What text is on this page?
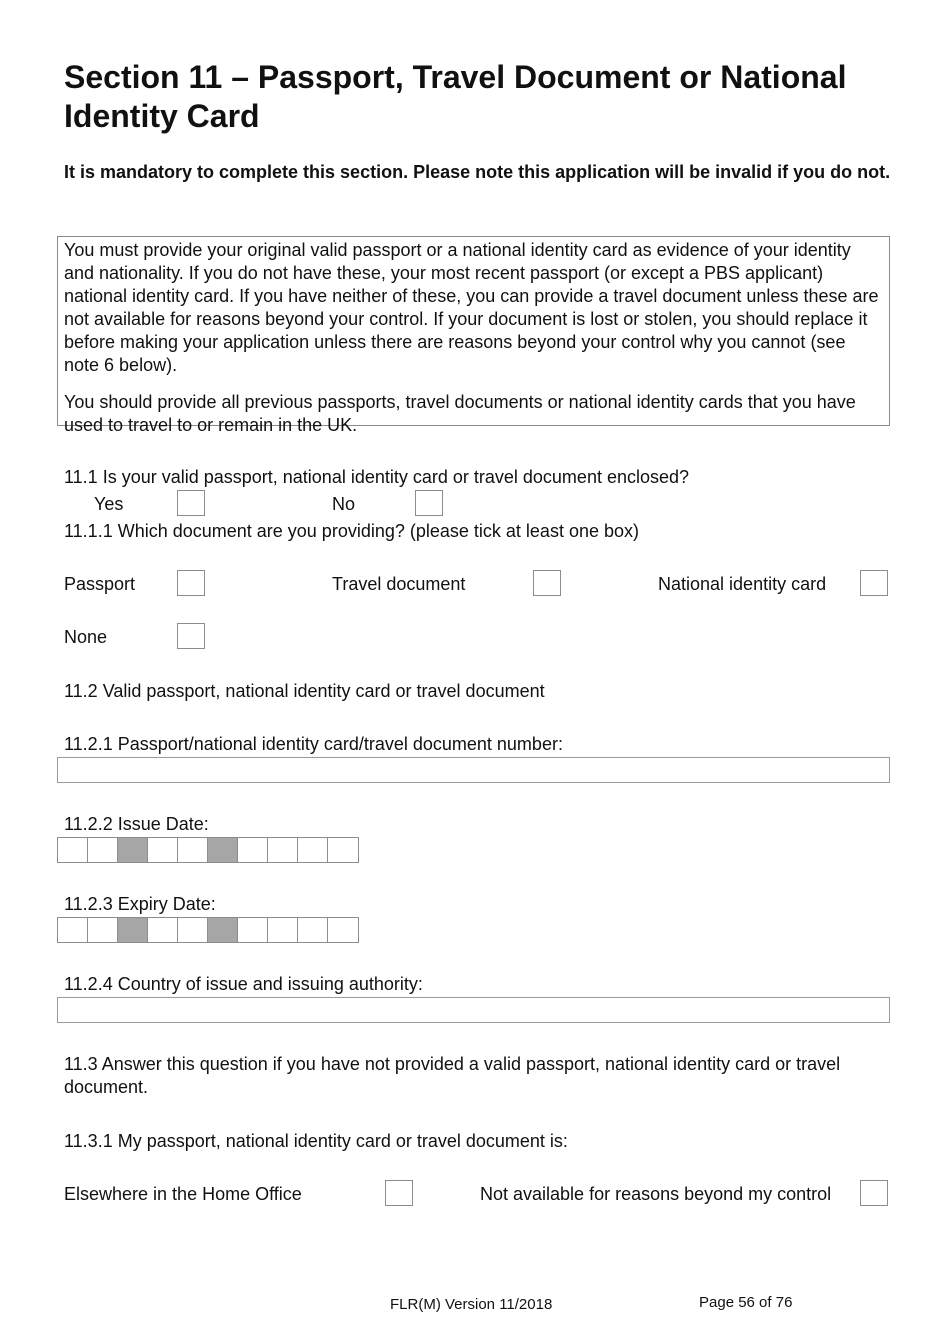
Section 11 – Passport, Travel Document or National Identity Card
It is mandatory to complete this section. Please note this application will be invalid if you do not.

You must provide your original valid passport or a national identity card as evidence of your identity and nationality. If you do not have these, your most recent passport (or except a PBS applicant) national identity card. If you have neither of these, you can provide a travel document unless these are not available for reasons beyond your control. If your document is lost or stolen, you should replace it before making your application unless there are reasons beyond your control why you cannot (see note 6 below).

You should provide all previous passports, travel documents or national identity cards that you have used to travel to or remain in the UK.

11.1 Is your valid passport, national identity card or travel document enclosed?
Yes	No
11.1.1 Which document are you providing? (please tick at least one box)
Passport	Travel document	National identity card
None
11.2 Valid passport, national identity card or travel document
11.2.1 Passport/national identity card/travel document number:
11.2.2 Issue Date:
11.2.3 Expiry Date:
11.2.4 Country of issue and issuing authority:
11.3 Answer this question if you have not provided a valid passport, national identity card or travel document.
11.3.1 My passport, national identity card or travel document is:
Elsewhere in the Home Office	Not available for reasons beyond my control
FLR(M) Version 11/2018	Page 56 of 76
